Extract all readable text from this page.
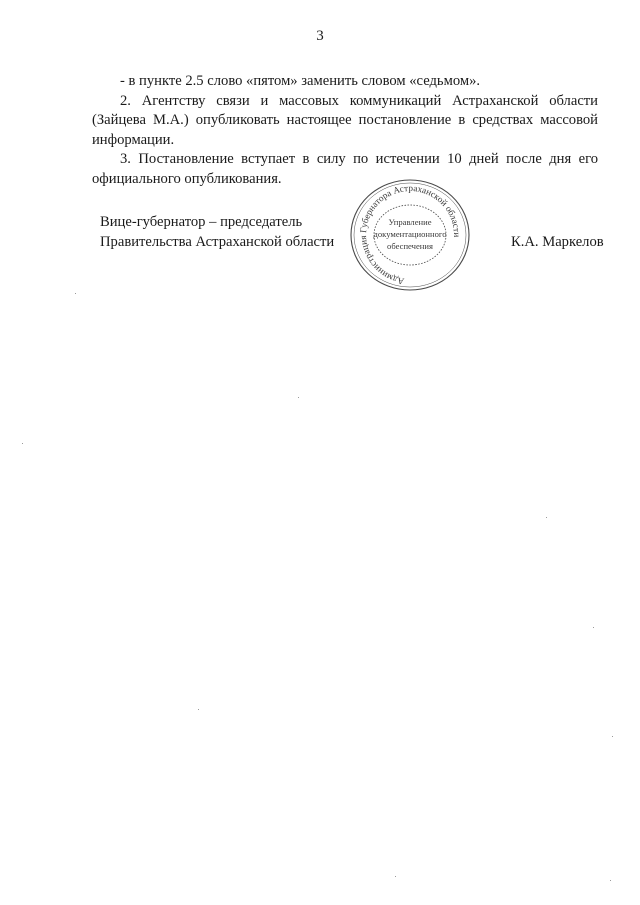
3

- в пункте 2.5 слово «пятом» заменить словом «седьмом».

2. Агентству связи и массовых коммуникаций Астраханской области (Зайцева М.А.) опубликовать настоящее постановление в средствах массовой информации.

3. Постановление вступает в силу по истечении 10 дней после дня его официального опубликования.

Вице-губернатор – председатель
Правительства Астраханской области	К.А. Маркелов
Администрация Губернатора Астраханской области
Управление
документационного
обеспечения
